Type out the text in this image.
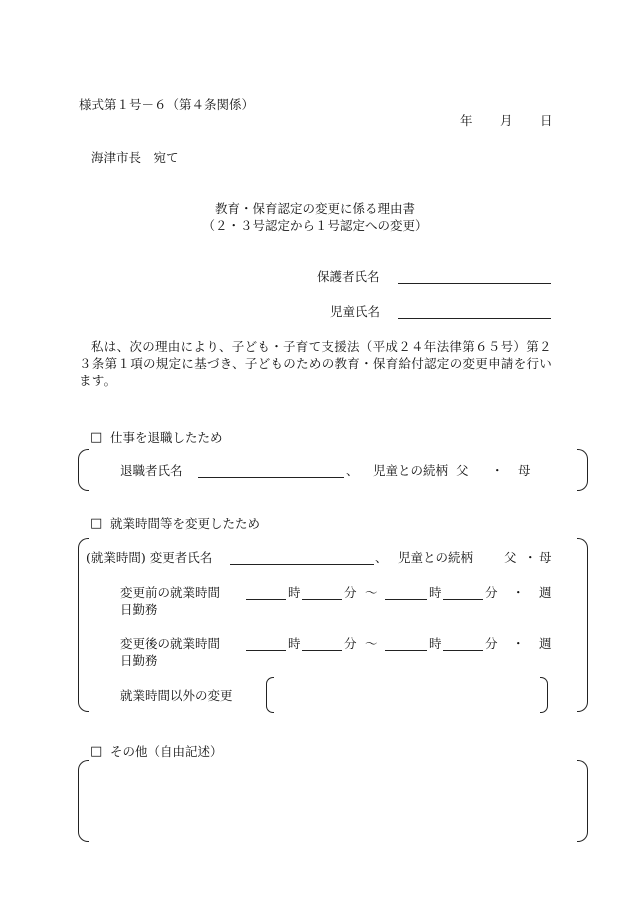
様式第１号－６（第４条関係）
年 月 日
海津市長　宛て
教育・保育認定の変更に係る理由書
（２・３号認定から１号認定への変更）
保護者氏名
児童氏名
私は、次の理由により、子ども・子育て支援法（平成２４年法律第６５号）第２３条第１項の規定に基づき、子どものための教育・保育給付認定の変更申請を行います。
□ 仕事を退職したため
退職者氏名	、 児童との続柄 父 ・ 母
□ 就業時間等を変更したため
(就業時間) 変更者氏名	、 児童との続柄 父 ・ 母
変更前の就業時間	時	分 ～	時	分 ・ 週
日勤務
変更後の就業時間	時	分 ～	時	分 ・ 週
日勤務
就業時間以外の変更
□ その他（自由記述）
